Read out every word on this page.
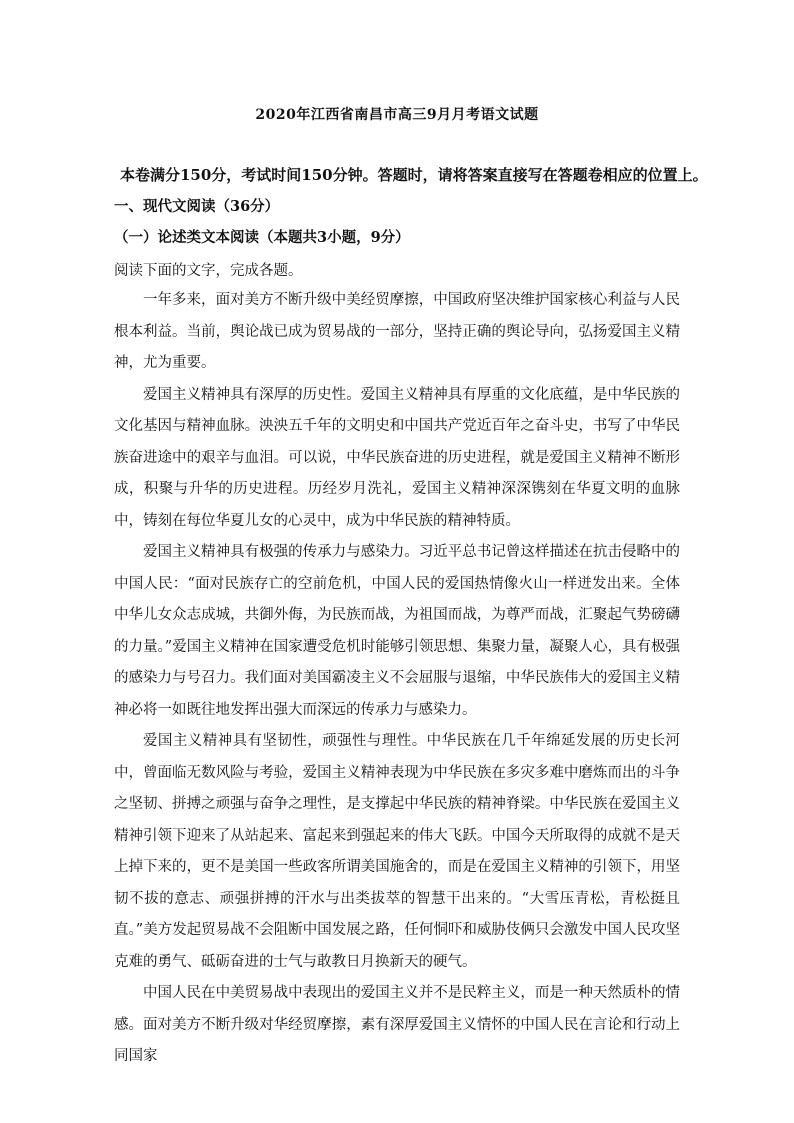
2020年江西省南昌市高三9月月考语文试题
本卷满分150分，考试时间150分钟。答题时，请将答案直接写在答题卷相应的位置上。
一、现代文阅读（36分）
（一）论述类文本阅读（本题共3小题，9分）
阅读下面的文字，完成各题。

一年多来，面对美方不断升级中美经贸摩擦，中国政府坚决维护国家核心利益与人民根本利益。当前，舆论战已成为贸易战的一部分，坚持正确的舆论导向，弘扬爱国主义精神，尤为重要。

爱国主义精神具有深厚的历史性。爱国主义精神具有厚重的文化底蕴，是中华民族的文化基因与精神血脉。泱泱五千年的文明史和中国共产党近百年之奋斗史，书写了中华民族奋进途中的艰辛与血泪。可以说，中华民族奋进的历史进程，就是爱国主义精神不断形成，积聚与升华的历史进程。历经岁月洗礼，爱国主义精神深深镌刻在华夏文明的血脉中，铸刻在每位华夏儿女的心灵中，成为中华民族的精神特质。

爱国主义精神具有极强的传承力与感染力。习近平总书记曾这样描述在抗击侵略中的中国人民：“面对民族存亡的空前危机，中国人民的爱国热情像火山一样迸发出来。全体中华儿女众志成城，共御外侮，为民族而战，为祖国而战，为尊严而战，汇聚起气势磅礴的力量。”爱国主义精神在国家遭受危机时能够引领思想、集聚力量，凝聚人心，具有极强的感染力与号召力。我们面对美国霸凌主义不会屈服与退缩，中华民族伟大的爱国主义精神必将一如既往地发挥出强大而深远的传承力与感染力。

爱国主义精神具有坚韧性，顽强性与理性。中华民族在几千年绵延发展的历史长河中，曾面临无数风险与考验，爱国主义精神表现为中华民族在多灾多难中磨炼而出的斗争之坚韧、拼搏之顽强与奋争之理性，是支撑起中华民族的精神脊梁。中华民族在爱国主义精神引领下迎来了从站起来、富起来到强起来的伟大飞跃。中国今天所取得的成就不是天上掉下来的，更不是美国一些政客所谓美国施舍的，而是在爱国主义精神的引领下，用坚韧不拔的意志、顽强拼搏的汗水与出类拔萃的智慧干出来的。“大雪压青松，青松挺且直。”美方发起贸易战不会阻断中国发展之路，任何恫吓和威胁伎俩只会激发中国人民攻坚克难的勇气、砥砺奋进的士气与敢教日月换新天的硬气。

中国人民在中美贸易战中表现出的爱国主义并不是民粹主义，而是一种天然质朴的情感。面对美方不断升级对华经贸摩擦，素有深厚爱国主义情怀的中国人民在言论和行动上同国家
